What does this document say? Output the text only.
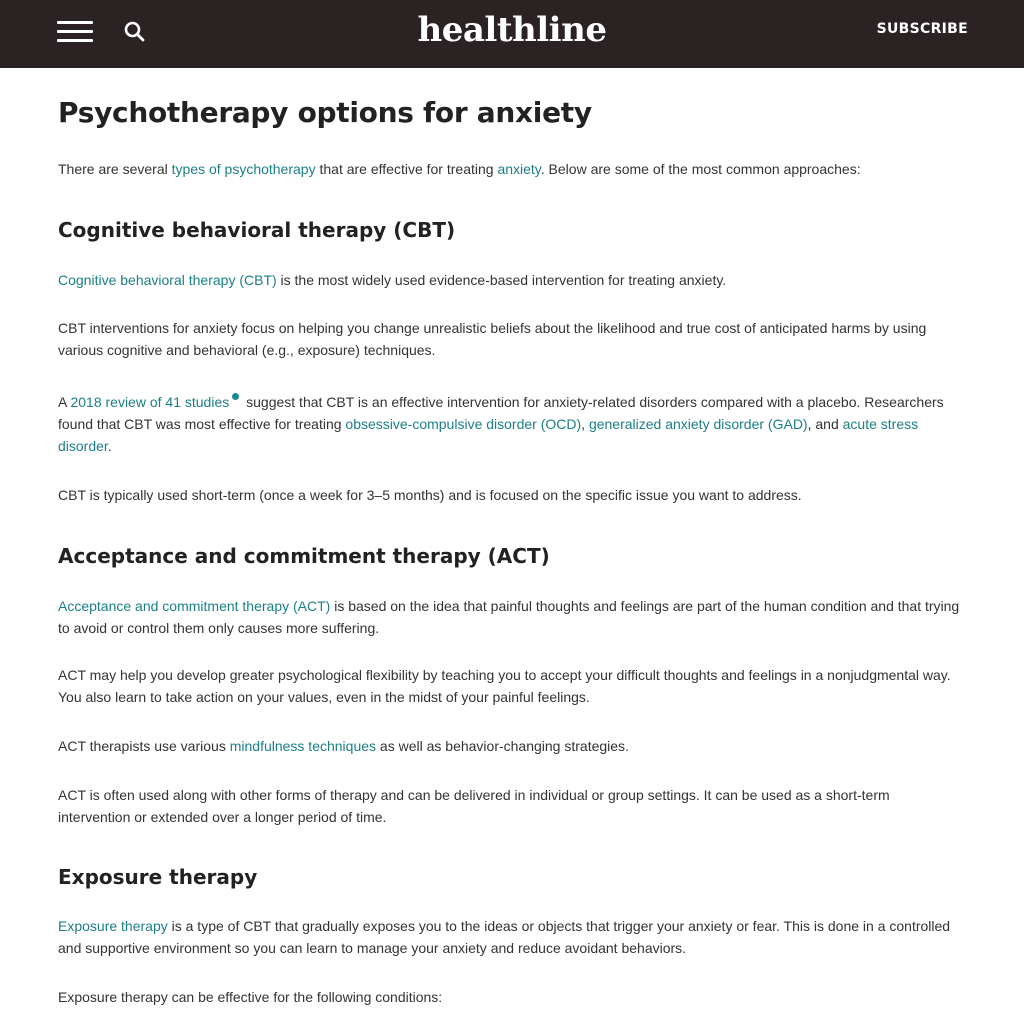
healthline	SUBSCRIBE
Psychotherapy options for anxiety

There are several types of psychotherapy that are effective for treating anxiety. Below are some of the most common approaches:

Cognitive behavioral therapy (CBT)

Cognitive behavioral therapy (CBT) is the most widely used evidence-based intervention for treating anxiety.

CBT interventions for anxiety focus on helping you change unrealistic beliefs about the likelihood and true cost of anticipated harms by using various cognitive and behavioral (e.g., exposure) techniques.

A 2018 review of 41 studies suggest that CBT is an effective intervention for anxiety-related disorders compared with a placebo. Researchers found that CBT was most effective for treating obsessive-compulsive disorder (OCD), generalized anxiety disorder (GAD), and acute stress disorder.

CBT is typically used short-term (once a week for 3–5 months) and is focused on the specific issue you want to address.

Acceptance and commitment therapy (ACT)

Acceptance and commitment therapy (ACT) is based on the idea that painful thoughts and feelings are part of the human condition and that trying to avoid or control them only causes more suffering.

ACT may help you develop greater psychological flexibility by teaching you to accept your difficult thoughts and feelings in a nonjudgmental way. You also learn to take action on your values, even in the midst of your painful feelings.

ACT therapists use various mindfulness techniques as well as behavior-changing strategies.

ACT is often used along with other forms of therapy and can be delivered in individual or group settings. It can be used as a short-term intervention or extended over a longer period of time.

Exposure therapy

Exposure therapy is a type of CBT that gradually exposes you to the ideas or objects that trigger your anxiety or fear. This is done in a controlled and supportive environment so you can learn to manage your anxiety and reduce avoidant behaviors.

Exposure therapy can be effective for the following conditions:
